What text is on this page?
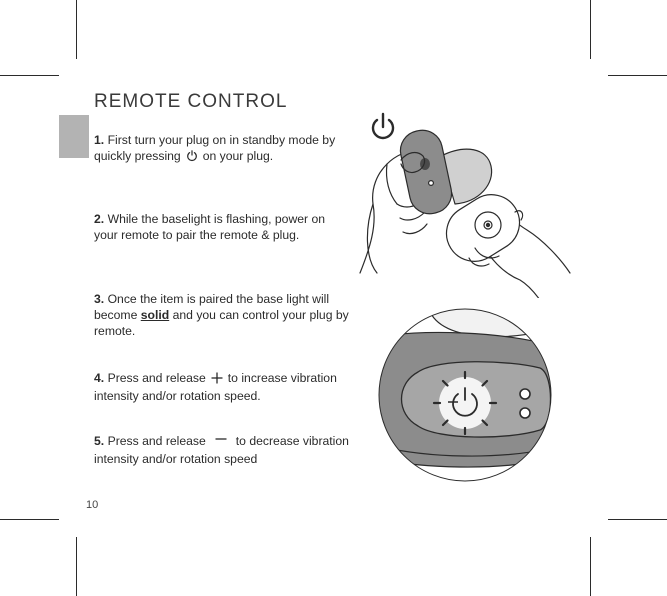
REMOTE CONTROL

1. First turn your plug on in standby mode by quickly pressing on your plug.

2. While the baselight is flashing, power on your remote to pair the remote & plug.

3. Once the item is paired the base light will become solid and you can control your plug by remote.

4. Press and release to increase vibration intensity and/or rotation speed.

5. Press and release to decrease vibration intensity and/or rotation speed

10
